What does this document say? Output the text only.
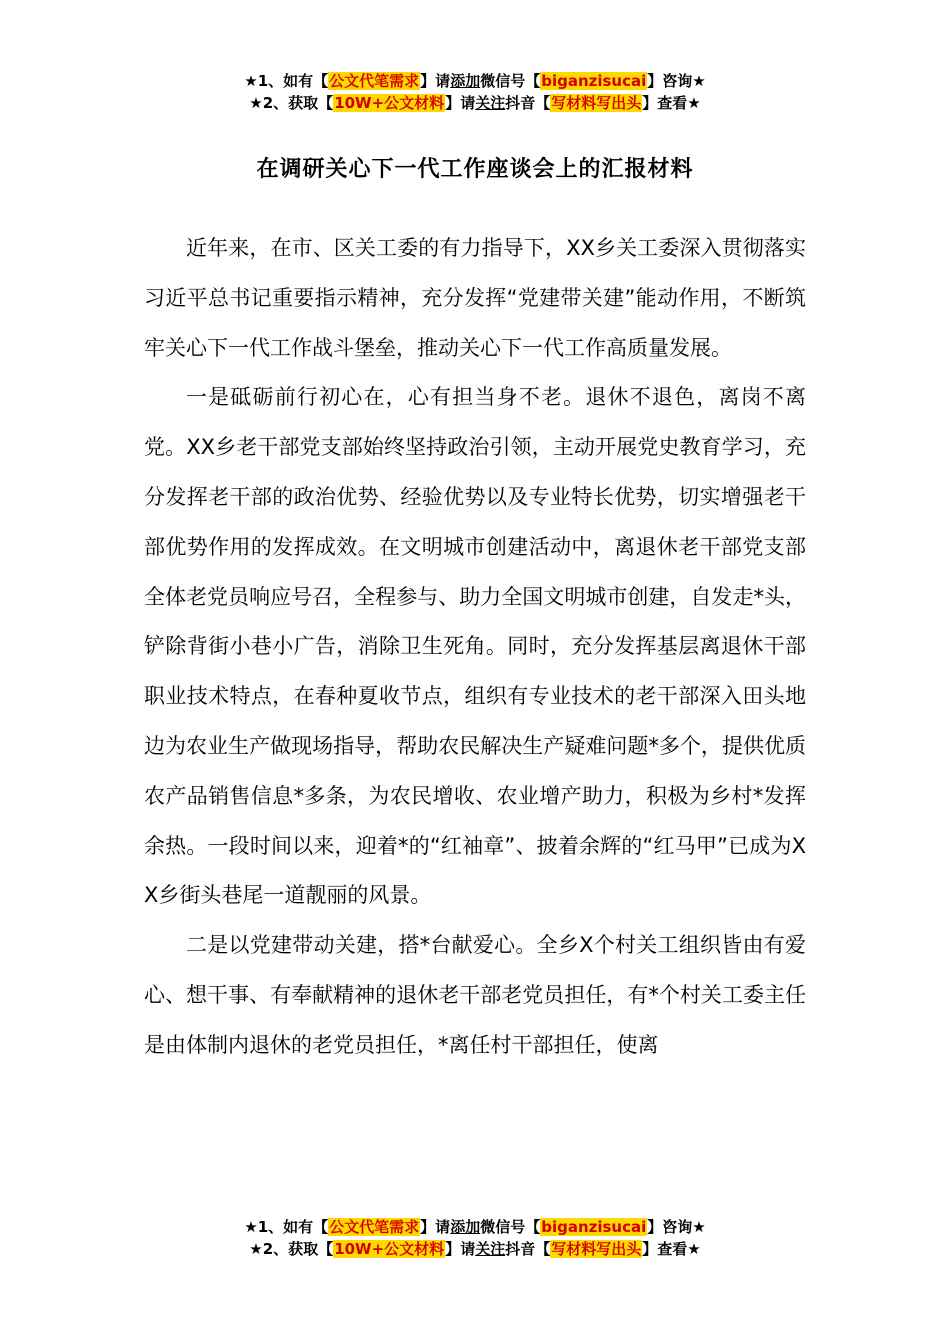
★1、如有【公文代笔需求】请添加微信号【biganzisucai】咨询★
★2、获取【10W+公文材料】请关注抖音【写材料写出头】查看★
在调研关心下一代工作座谈会上的汇报材料

近年来，在市、区关工委的有力指导下，XX乡关工委深入贯彻落实习近平总书记重要指示精神，充分发挥“党建带关建”能动作用，不断筑牢关心下一代工作战斗堡垒，推动关心下一代工作高质量发展。

一是砥砺前行初心在，心有担当身不老。退休不退色，离岗不离党。XX乡老干部党支部始终坚持政治引领，主动开展党史教育学习，充分发挥老干部的政治优势、经验优势以及专业特长优势，切实增强老干部优势作用的发挥成效。在文明城市创建活动中，离退休老干部党支部全体老党员响应号召，全程参与、助力全国文明城市创建，自发走*头，铲除背街小巷小广告，消除卫生死角。同时，充分发挥基层离退休干部职业技术特点，在春种夏收节点，组织有专业技术的老干部深入田头地边为农业生产做现场指导，帮助农民解决生产疑难问题*多个，提供优质农产品销售信息*多条，为农民增收、农业增产助力，积极为乡村*发挥余热。一段时间以来，迎着*的“红袖章”、披着余辉的“红马甲”已成为XX乡街头巷尾一道靓丽的风景。

二是以党建带动关建，搭*台献爱心。全乡X个村关工组织皆由有爱心、想干事、有奉献精神的退休老干部老党员担任，有*个村关工委主任是由体制内退休的老党员担任，*离任村干部担任，使离

★1、如有【公文代笔需求】请添加微信号【biganzisucai】咨询★
★2、获取【10W+公文材料】请关注抖音【写材料写出头】查看★
